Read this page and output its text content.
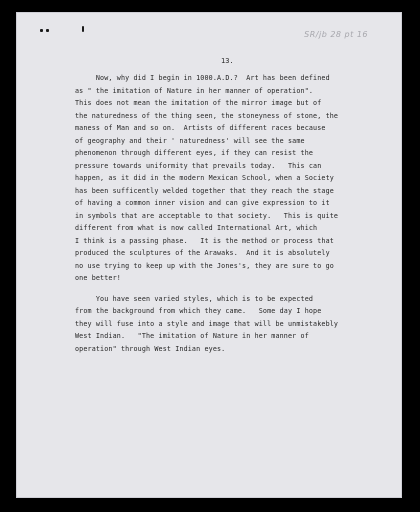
SR/jb 28 pt 16
13.
Now, why did I begin in 1000.A.D.?  Art has been defined
as " the imitation of Nature in her manner of operation".
This does not mean the imitation of the mirror image but of
the naturedness of the thing seen, the stoneyness of stone, the
maness of Man and so on.  Artists of different races because
of geography and their ' naturedness' will see the same
phenomenon through different eyes, if they can resist the
pressure towards uniformity that prevails today.   This can
happen, as it did in the modern Mexican School, when a Society
has been sufficently welded together that they reach the stage
of having a common inner vision and can give expression to it
in symbols that are acceptable to that society.   This is quite
different from what is now called International Art, which
I think is a passing phase.   It is the method or process that
produced the sculptures of the Arawaks.  And it is absolutely
no use trying to keep up with the Jones's, they are sure to go
one better!
You have seen varied styles, which is to be expected
from the background from which they came.   Some day I hope
they will fuse into a style and image that will be unmistakebly
West Indian.   "The imitation of Nature in her manner of
operation" through West Indian eyes.
